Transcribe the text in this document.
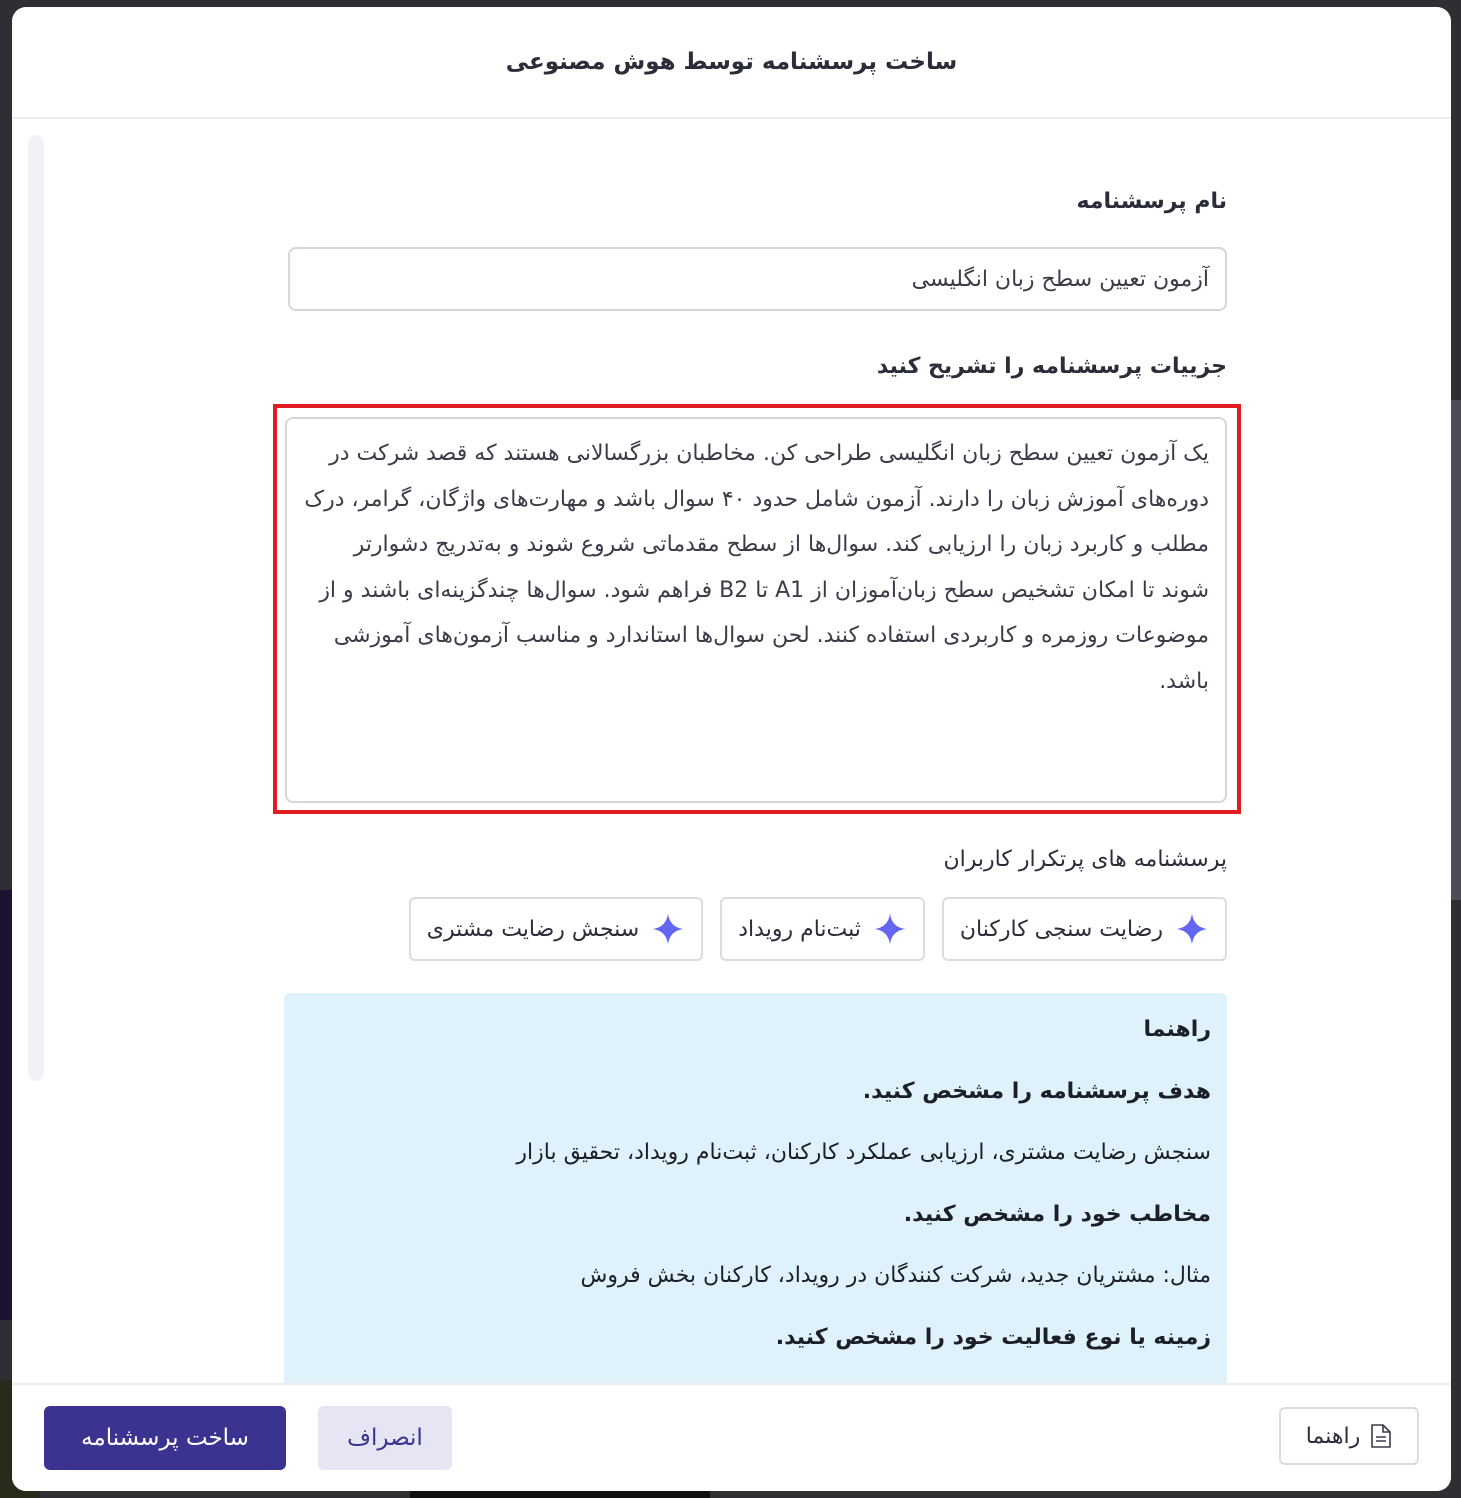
ساخت پرسشنامه توسط هوش مصنوعی
نام پرسشنامه
آزمون تعیین سطح زبان انگلیسی
جزییات پرسشنامه را تشریح کنید
یک آزمون تعیین سطح زبان انگلیسی طراحی کن. مخاطبان بزرگسالانی هستند که قصد شرکت در دوره‌های آموزش زبان را دارند. آزمون شامل حدود ۴۰ سوال باشد و مهارت‌های واژگان، گرامر، درک مطلب و کاربرد زبان را ارزیابی کند. سوال‌ها از سطح مقدماتی شروع شوند و به‌تدریج دشوارتر شوند تا امکان تشخیص سطح زبان‌آموزان از A1 تا B2 فراهم شود. سوال‌ها چندگزینه‌ای باشند و از موضوعات روزمره و کاربردی استفاده کنند. لحن سوال‌ها استاندارد و مناسب آزمون‌های آموزشی باشد.
پرسشنامه های پرتکرار کاربران
رضایت سنجی کارکنان
ثبت‌نام رویداد
سنجش رضایت مشتری

راهنما

هدف پرسشنامه را مشخص کنید.

سنجش رضایت مشتری، ارزیابی عملکرد کارکنان، ثبت‌نام رویداد، تحقیق بازار

مخاطب خود را مشخص کنید.

مثال: مشتریان جدید، شرکت کنندگان در رویداد، کارکنان بخش فروش

زمینه یا نوع فعالیت خود را مشخص کنید.

ساخت پرسشنامه	انصراف	راهنما
